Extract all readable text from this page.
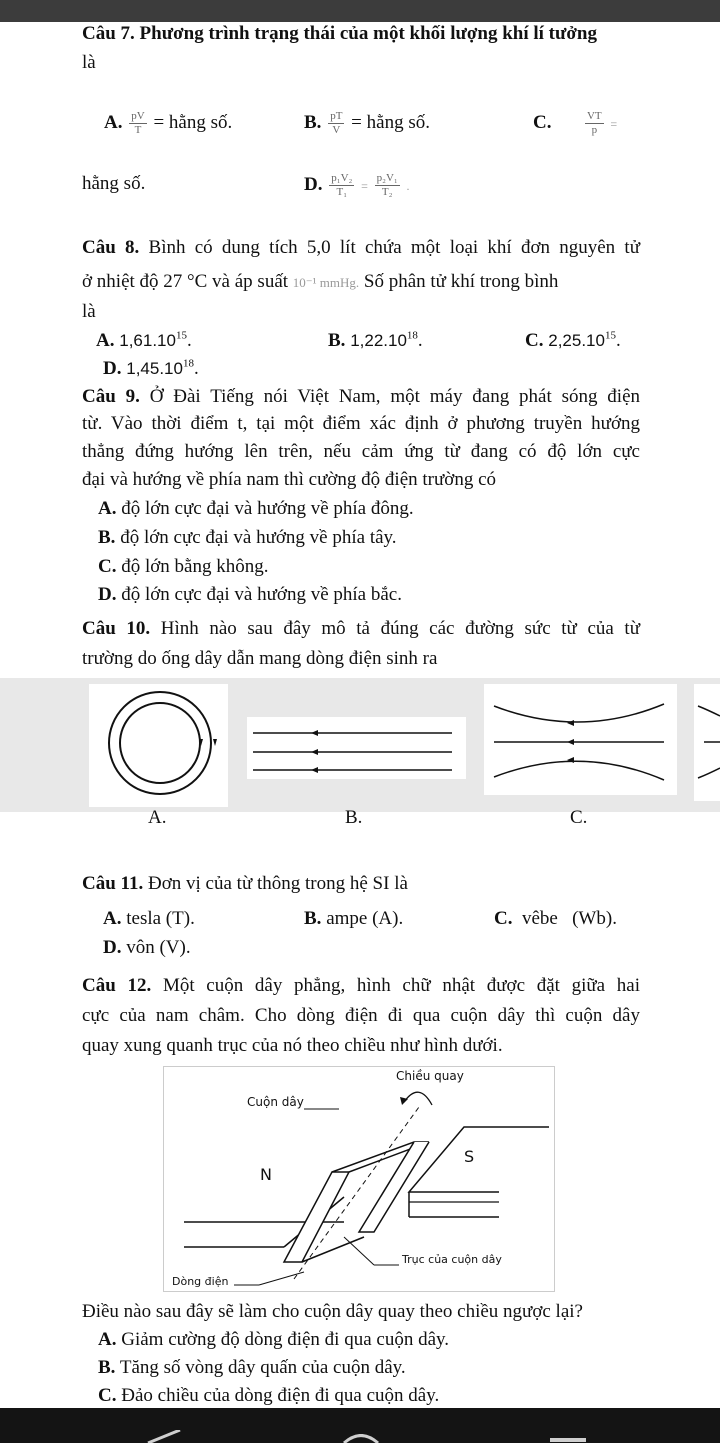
Câu 7. Phương trình trạng thái của một khối lượng khí lí tưởng
là
A. $\frac{pV}{T}$ = hằng số.	B. $\frac{pT}{V}$ = hằng số.	C.	$\frac{VT}{p}$ =
hằng số.	D. $\frac{\text{p₁V₂}}{\text{T₁}} = \frac{\text{p₂V₁}}{\text{T₂}}$ .
Câu 8. Bình có dung tích 5,0 lít chứa một loại khí đơn nguyên tử
ở nhiệt độ 27 °C và áp suất 10⁻¹ mmHg. Số phân tử khí trong bình
là
A. 1,61.10$^{15}$.	B. 1,22.10$^{18}$.	C. 2,25.10$^{15}$.
D. 1,45.10$^{18}$.
Câu 9. Ở Đài Tiếng nói Việt Nam, một máy đang phát sóng điện
từ. Vào thời điểm t, tại một điểm xác định ở phương truyền hướng
thẳng đứng hướng lên trên, nếu cảm ứng từ đang có độ lớn cực
đại và hướng về phía nam thì cường độ điện trường có
A. độ lớn cực đại và hướng về phía đông.
B. độ lớn cực đại và hướng về phía tây.
C. độ lớn bằng không.
D. độ lớn cực đại và hướng về phía bắc.
Câu 10. Hình nào sau đây mô tả đúng các đường sức từ của từ
trường do ống dây dẫn mang dòng điện sinh ra
A.	B.	C.
Câu 11. Đơn vị của từ thông trong hệ SI là
A. tesla (T).	B. ampe (A).	C. vêbe   (Wb).
D. vôn (V).
Câu 12. Một cuộn dây phẳng, hình chữ nhật được đặt giữa hai
cực của nam châm. Cho dòng điện đi qua cuộn dây thì cuộn dây
quay xung quanh trục của nó theo chiều như hình dưới.
Chiều quay
Cuộn dây
N
S
Trục của cuộn dây
Dòng điện
Điều nào sau đây sẽ làm cho cuộn dây quay theo chiều ngược lại?
A. Giảm cường độ dòng điện đi qua cuộn dây.
B. Tăng số vòng dây quấn của cuộn dây.
C. Đảo chiều của dòng điện đi qua cuộn dây.
